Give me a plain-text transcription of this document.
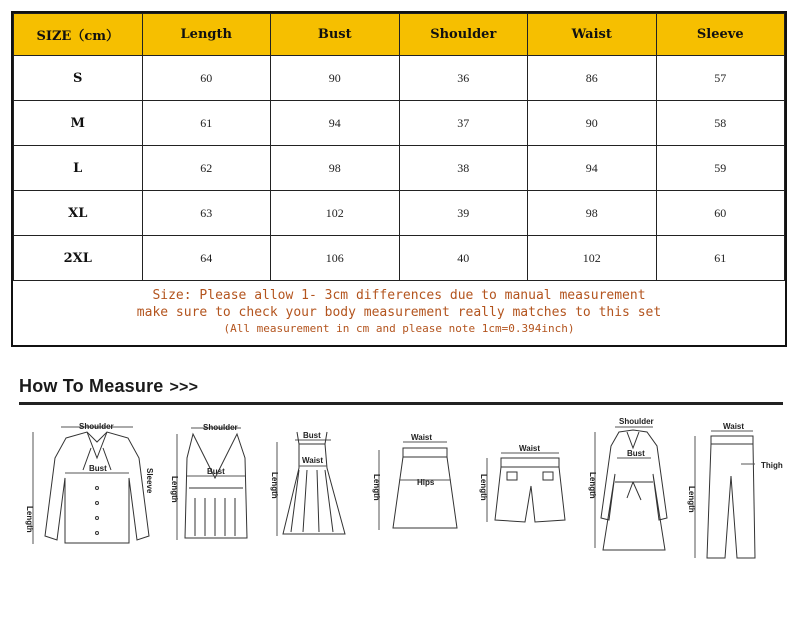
SIZE（cm）	Length	Bust	Shoulder	Waist	Sleeve
S	60	90	36	86	57
M	61	94	37	90	58
L	62	98	38	94	59
XL	63	102	39	98	60
2XL	64	106	40	102	61
Size: Please allow 1- 3cm differences due to manual measurement
make sure to check your body measurement really matches to this set
(All measurement in cm and please note 1cm=0.394inch)
How To Measure >>>
Shoulder
Length
Bust	Sleeve
Shoulder
Length
Bust
Bust
Length
Waist
Waist
Length	Hips
Waist
Length
Shoulder
Length
Bust
Waist
Length
Thigh
